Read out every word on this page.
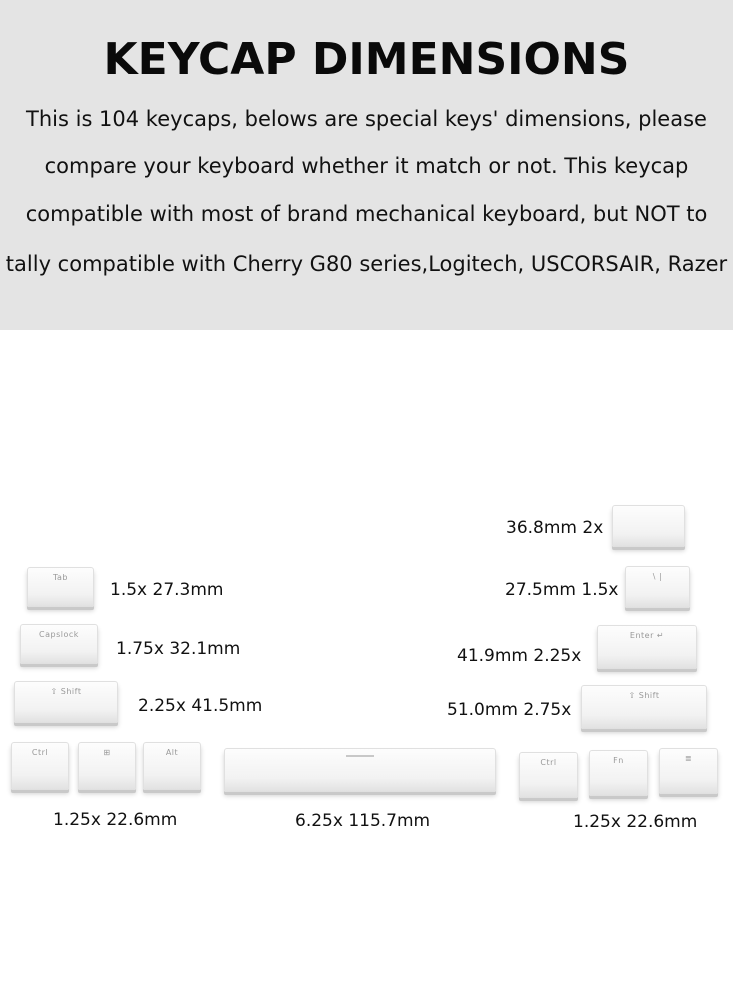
KEYCAP DIMENSIONS
This is 104 keycaps, belows are special keys' dimensions, please
compare your keyboard whether it match or not. This keycap
compatible with most of brand mechanical keyboard, but NOT to
tally compatible with Cherry G80 series,Logitech, USCORSAIR, Razer
Tab
1.5x 27.3mm
Capslock
1.75x 32.1mm
⇧ Shift
2.25x 41.5mm
36.8mm 2x
27.5mm 1.5x
\ |
41.9mm 2.25x
Enter ↵
51.0mm 2.75x
⇧ Shift
Ctrl	⊞	Alt
1.25x 22.6mm	6.25x 115.7mm
Ctrl	Fn	≣
1.25x 22.6mm
